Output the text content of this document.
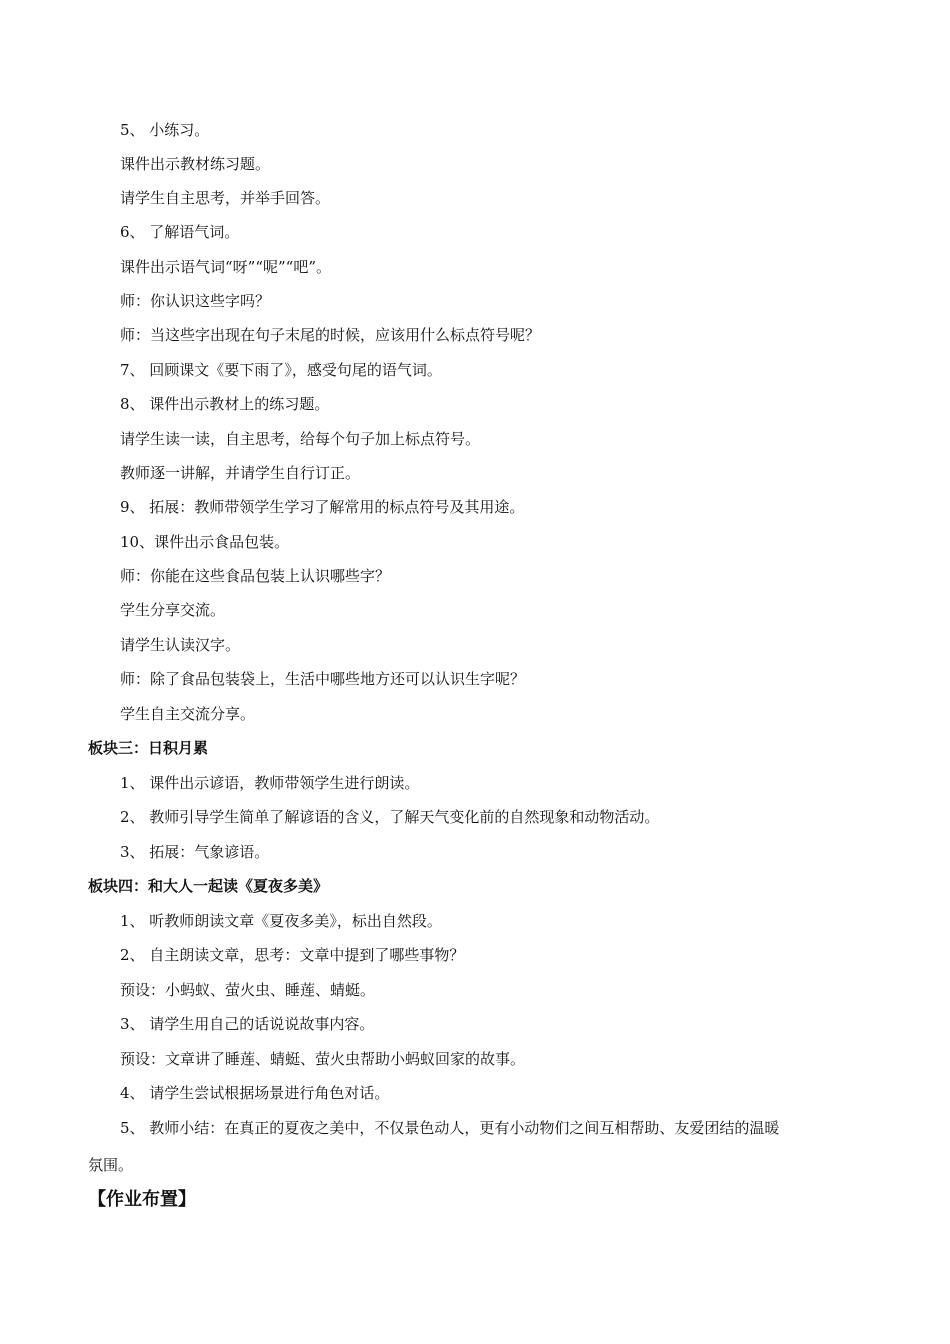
5、 小练习。
课件出示教材练习题。
请学生自主思考，并举手回答。
6、 了解语气词。
课件出示语气词“呀”“呢”“吧”。
师：你认识这些字吗？
师：当这些字出现在句子末尾的时候，应该用什么标点符号呢？
7、 回顾课文《要下雨了》，感受句尾的语气词。
8、 课件出示教材上的练习题。
请学生读一读，自主思考，给每个句子加上标点符号。
教师逐一讲解，并请学生自行订正。
9、 拓展：教师带领学生学习了解常用的标点符号及其用途。
10、课件出示食品包装。
师：你能在这些食品包装上认识哪些字？
学生分享交流。
请学生认读汉字。
师：除了食品包装袋上，生活中哪些地方还可以认识生字呢？
学生自主交流分享。
板块三：日积月累
1、 课件出示谚语，教师带领学生进行朗读。
2、 教师引导学生简单了解谚语的含义，了解天气变化前的自然现象和动物活动。
3、 拓展：气象谚语。
板块四：和大人一起读《夏夜多美》
1、 听教师朗读文章《夏夜多美》，标出自然段。
2、 自主朗读文章，思考：文章中提到了哪些事物？
预设：小蚂蚁、萤火虫、睡莲、蜻蜓。
3、 请学生用自己的话说说故事内容。
预设：文章讲了睡莲、蜻蜓、萤火虫帮助小蚂蚁回家的故事。
4、 请学生尝试根据场景进行角色对话。
5、 教师小结：在真正的夏夜之美中，不仅景色动人，更有小动物们之间互相帮助、友爱团结的温暖
氛围。
【作业布置】
